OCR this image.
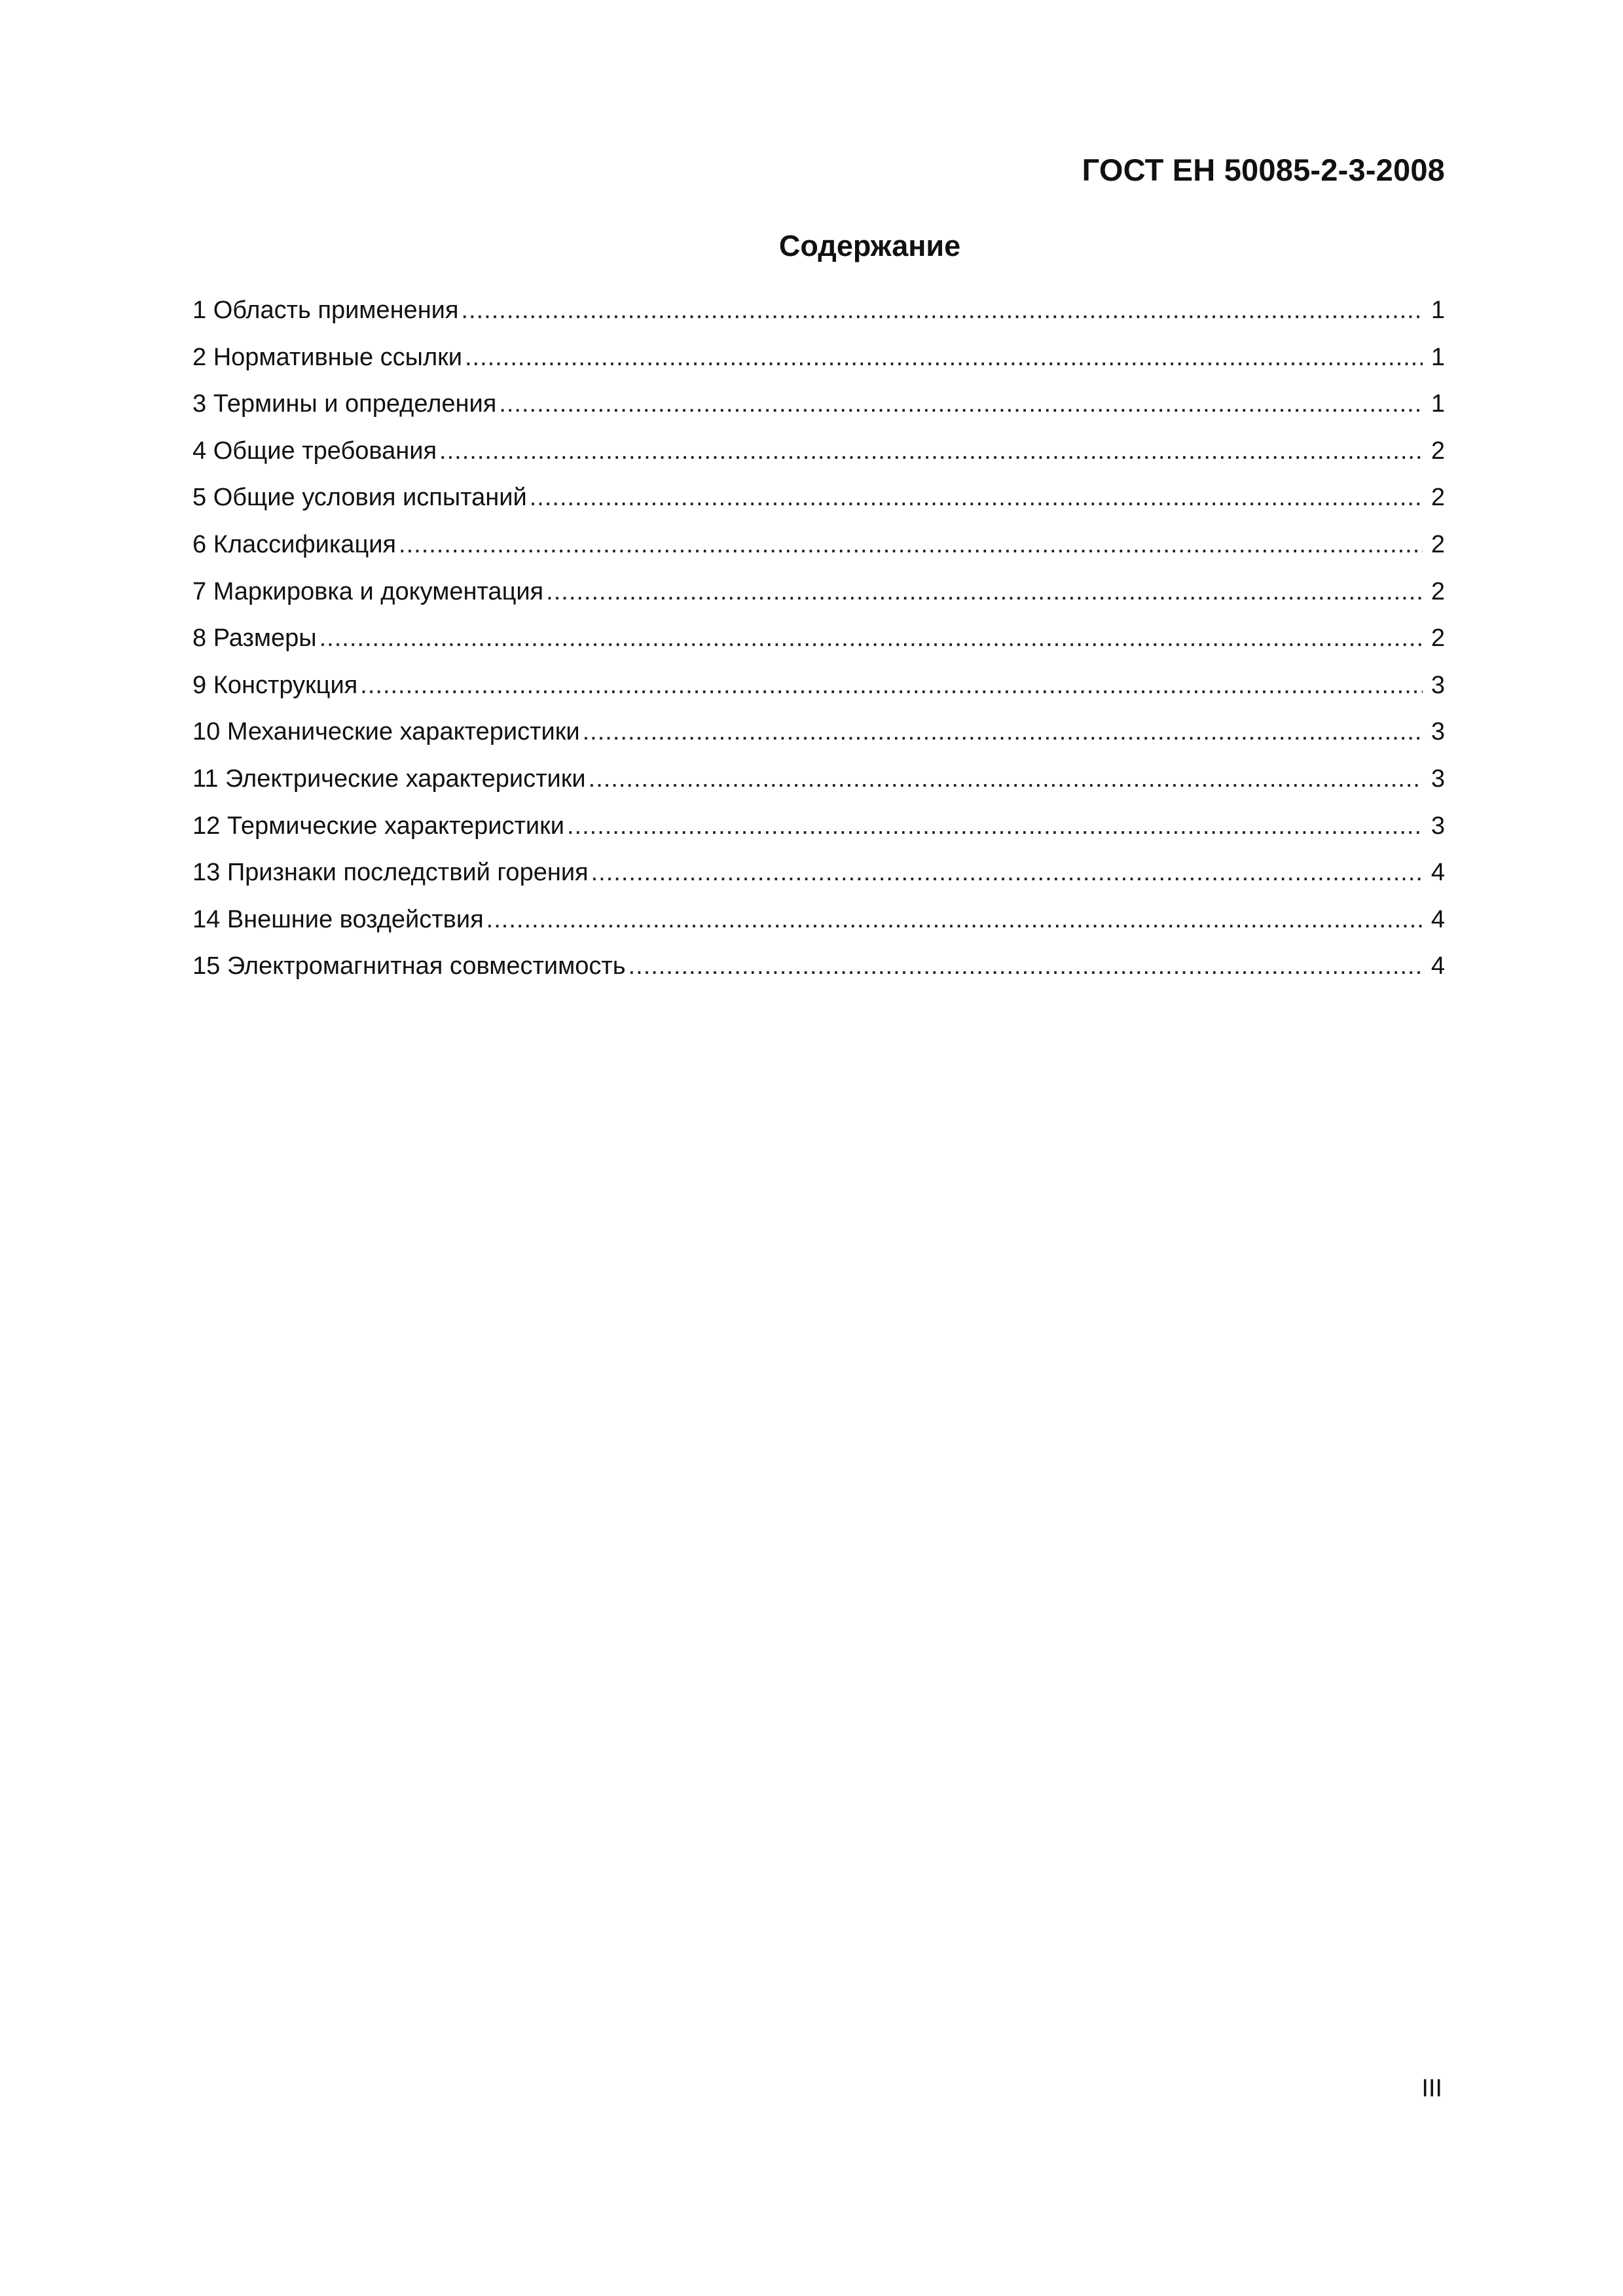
ГОСТ ЕН 50085-2-3-2008
Содержание
1 Область применения .....	1
2 Нормативные ссылки .....	1
3 Термины и определения .....	1
4 Общие требования .....	2
5 Общие условия испытаний .....	2
6 Классификация .....	2
7 Маркировка и документация .....	2
8 Размеры .....	2
9 Конструкция .....	3
10 Механические характеристики .....	3
11 Электрические характеристики .....	3
12 Термические характеристики .....	3
13 Признаки последствий горения .....	4
14 Внешние воздействия .....	4
15 Электромагнитная совместимость .....	4
III
